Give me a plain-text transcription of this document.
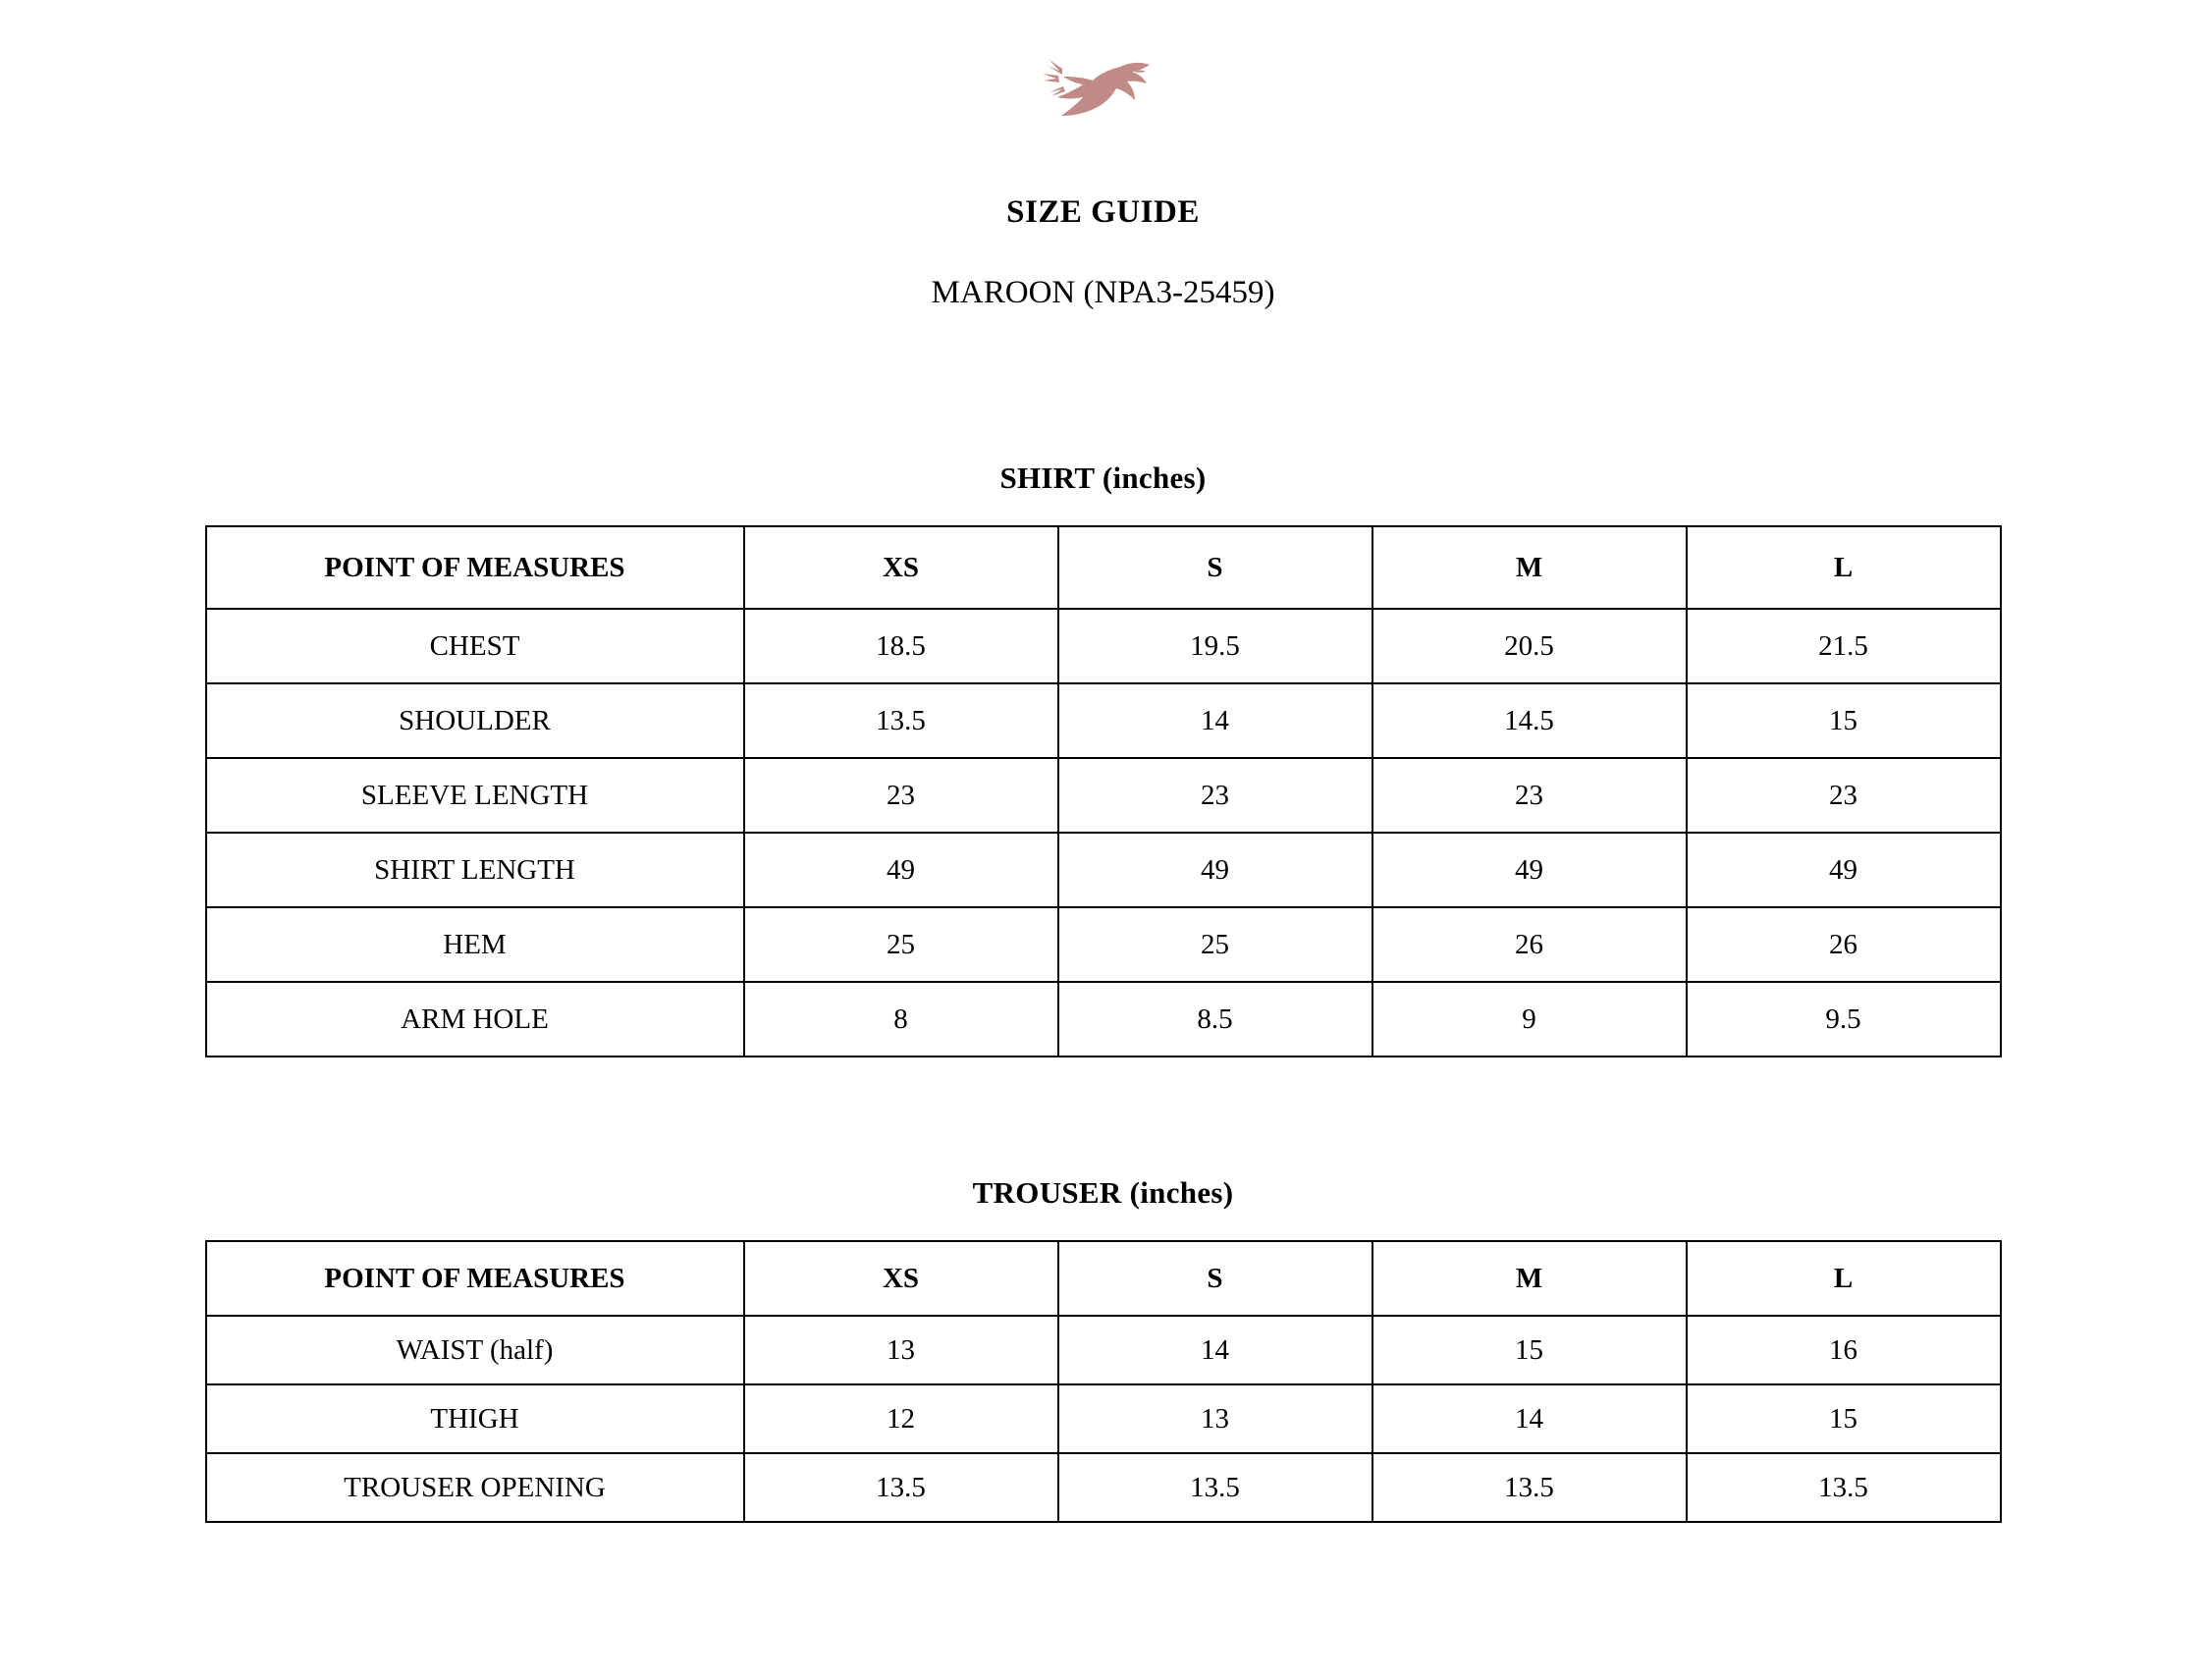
SIZE GUIDE
MAROON (NPA3-25459)
SHIRT (inches)
POINT OF MEASURES	XS	S	M	L
CHEST	18.5	19.5	20.5	21.5
SHOULDER	13.5	14	14.5	15
SLEEVE LENGTH	23	23	23	23
SHIRT LENGTH	49	49	49	49
HEM	25	25	26	26
ARM HOLE	8	8.5	9	9.5
TROUSER (inches)
POINT OF MEASURES	XS	S	M	L
WAIST (half)	13	14	15	16
THIGH	12	13	14	15
TROUSER OPENING	13.5	13.5	13.5	13.5
